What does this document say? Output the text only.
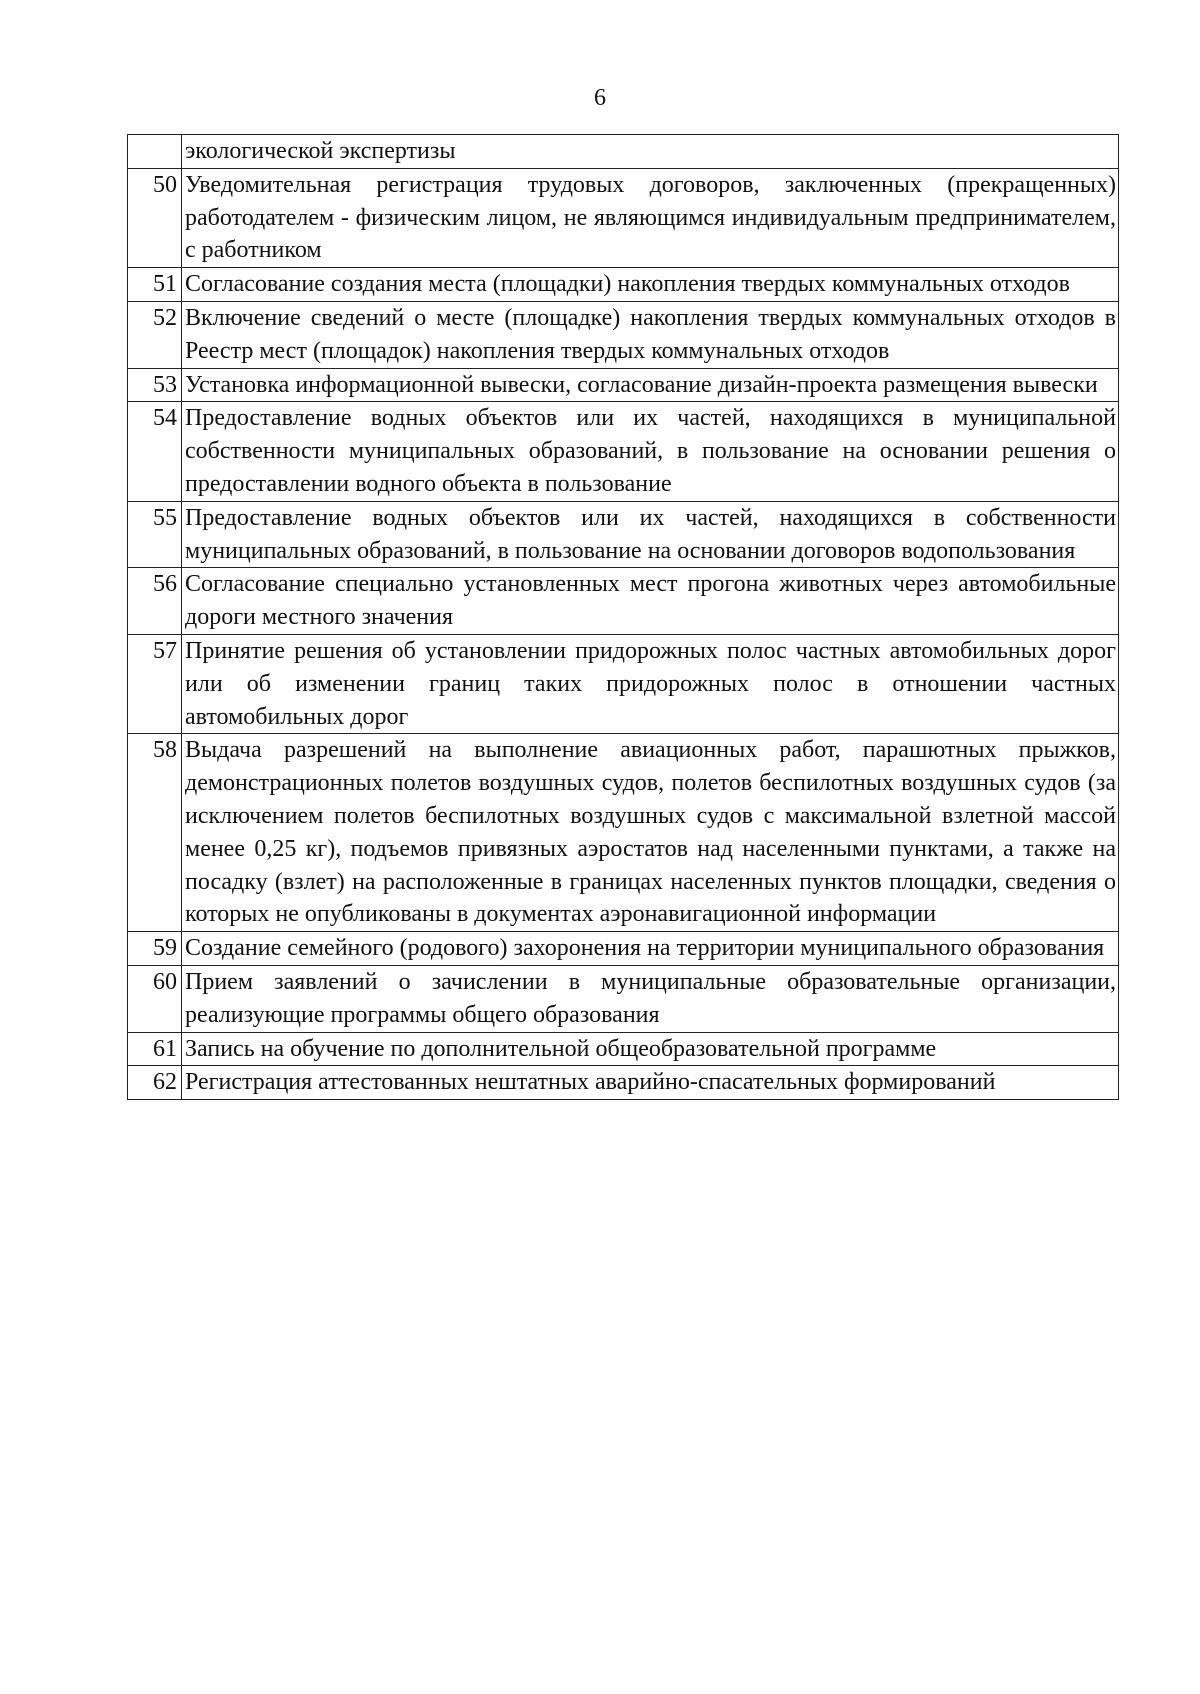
6
	экологической экспертизы
50	Уведомительная регистрация трудовых договоров, заключенных (прекращенных) работодателем - физическим лицом, не являющимся индивидуальным предпринимателем, с работником
51	Согласование создания места (площадки) накопления твердых коммунальных отходов
52	Включение сведений о месте (площадке) накопления твердых коммунальных отходов в Реестр мест (площадок) накопления твердых коммунальных отходов
53	Установка информационной вывески, согласование дизайн-проекта размещения вывески
54	Предоставление водных объектов или их частей, находящихся в муниципальной собственности муниципальных образований, в пользование на основании решения о предоставлении водного объекта в пользование
55	Предоставление водных объектов или их частей, находящихся в собственности муниципальных образований, в пользование на основании договоров водопользования
56	Согласование специально установленных мест прогона животных через автомобильные дороги местного значения
57	Принятие решения об установлении придорожных полос частных автомобильных дорог или об изменении границ таких придорожных полос в отношении частных автомобильных дорог
58	Выдача разрешений на выполнение авиационных работ, парашютных прыжков, демонстрационных полетов воздушных судов, полетов беспилотных воздушных судов (за исключением полетов беспилотных воздушных судов с максимальной взлетной массой менее 0,25 кг), подъемов привязных аэростатов над населенными пунктами, а также на посадку (взлет) на расположенные в границах населенных пунктов площадки, сведения о которых не опубликованы в документах аэронавигационной информации
59	Создание семейного (родового) захоронения на территории муниципального образования
60	Прием заявлений о зачислении в муниципальные образовательные организации, реализующие программы общего образования
61	Запись на обучение по дополнительной общеобразовательной программе
62	Регистрация аттестованных нештатных аварийно-спасательных формирований
